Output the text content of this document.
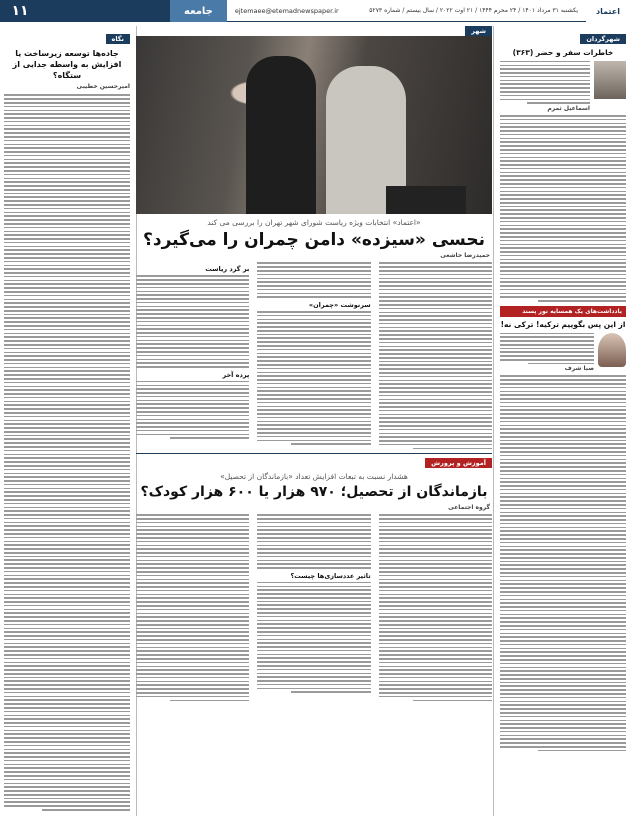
اعتماد
یکشنبه ۳۱ مرداد ۱۴۰۱ / ۲۴ محرم ۱۴۴۴ / ۲۱ اوت ۲۰۲۲ / سال بیستم / شماره ۵۲۷۳
ejtemaee@etemadnewspaper.ir
جامعه
۱۱
شهرگردان
خاطرات سفر و حضر (۳۶۳)
اسماعیل ثمرم
یادداشت‌های یک همسایه نور پسند
از این پس بگوییم ترکیه! ترکی نه!
صبا شرف
شهر
«اعتماد» انتخابات ویژه ریاست شورای شهر تهران را بررسی می کند
نحسی «سیزده» دامن چمران را می‌گیرد؟
حمیدرضا خاشعی
سرنوشت «چمران»
بر گرد ریاست
پرده آخر
آموزش و پرورش
هشدار نسبت به تبعات افزایش تعداد «بازماندگان از تحصیل»
بازماندگان از تحصیل؛ ۹۷۰ هزار یا ۶۰۰ هزار کودک؟
گروه اجتماعی
تاثیر عددسازی‌ها چیست؟
نگاه
جاده‌ها توسعه زیرساخت یا افزایش به واسطه جدایی از ستگاه؟
امیرحسین خطیبی
